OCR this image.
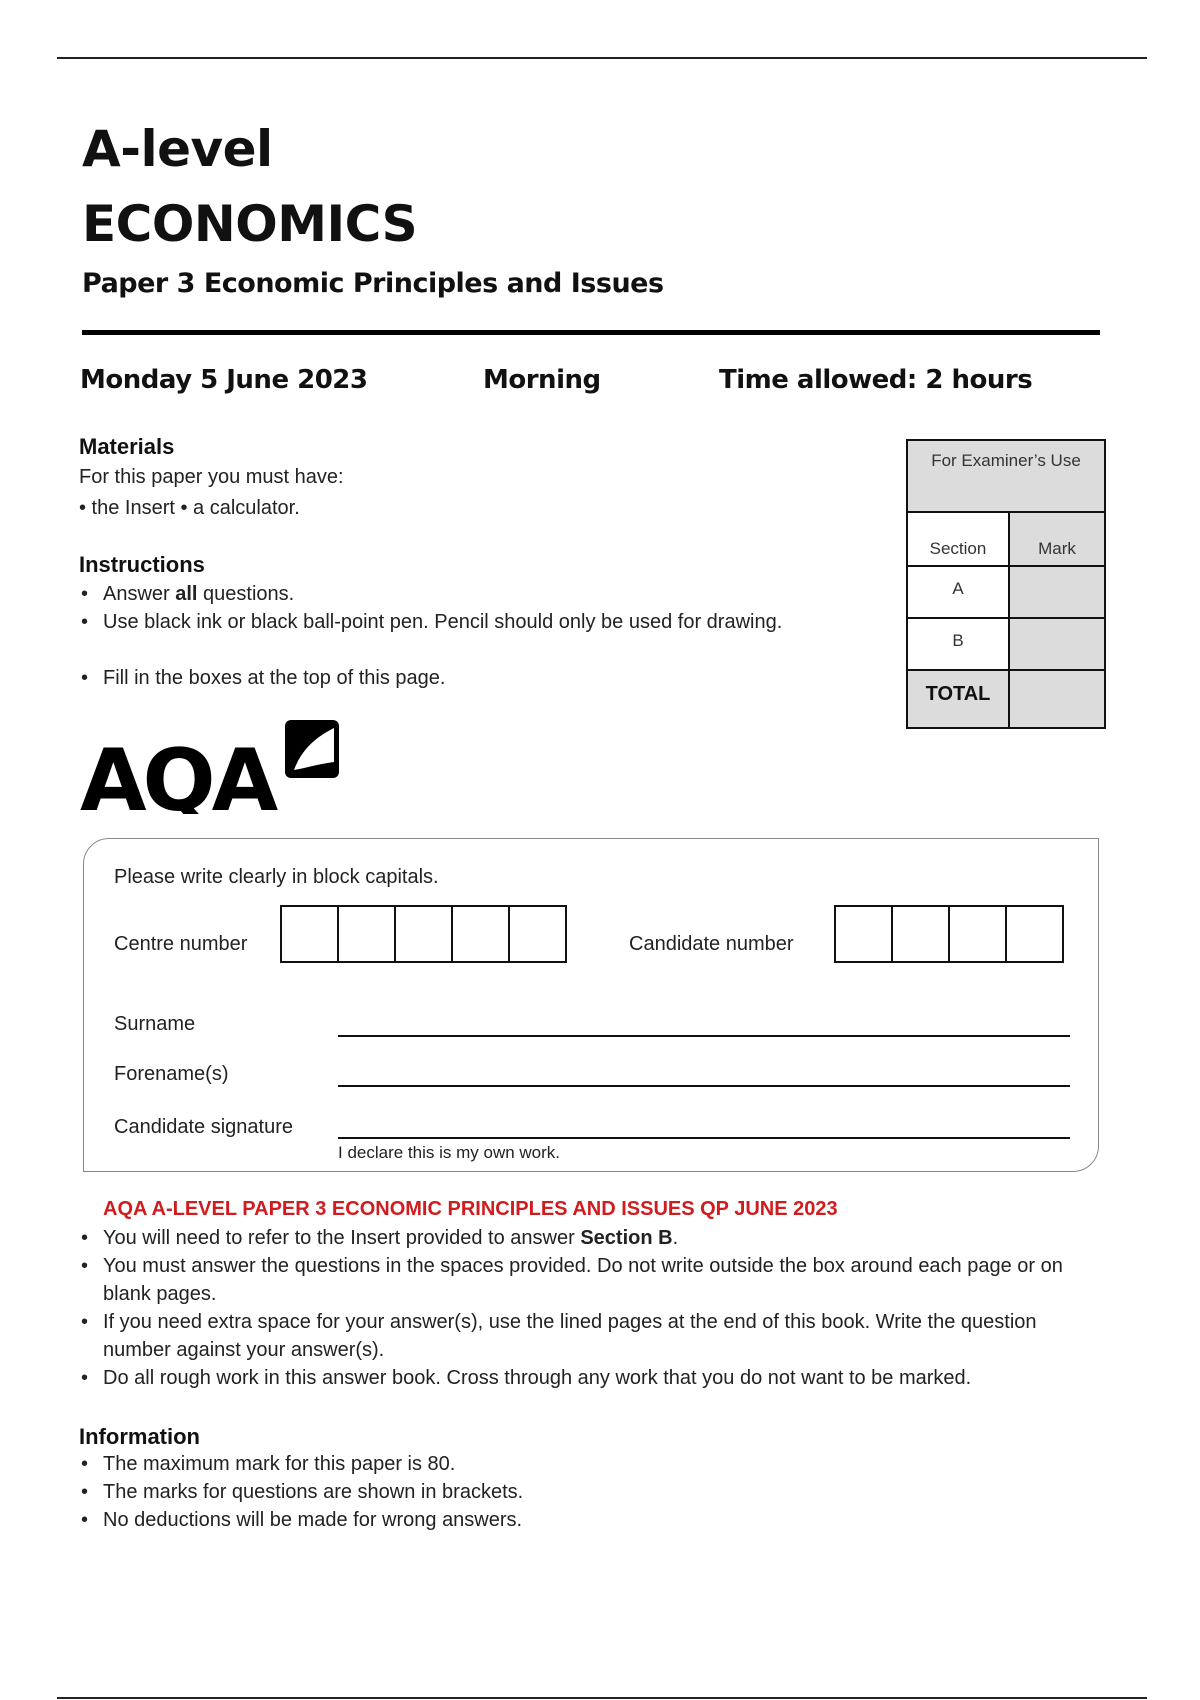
A-level
ECONOMICS
Paper 3 Economic Principles and Issues
Monday 5 June 2023	Morning	Time allowed: 2 hours
Materials
For this paper you must have:
• the Insert • a calculator.
Instructions
• Answer all questions.
• Use black ink or black ball-point pen. Pencil should only be used for drawing.
• Fill in the boxes at the top of this page.
For Examiner’s Use	
Section	Mark
A	
B	
TOTAL	
AQA
Please write clearly in block capitals.
Centre number	Candidate number
Surname
Forename(s)
Candidate signature
I declare this is my own work.
AQA A-LEVEL PAPER 3 ECONOMIC PRINCIPLES AND ISSUES QP JUNE 2023
• You will need to refer to the Insert provided to answer Section B.
• You must answer the questions in the spaces provided. Do not write outside the box around each page or on blank pages.
• If you need extra space for your answer(s), use the lined pages at the end of this book. Write the question number against your answer(s).
• Do all rough work in this answer book. Cross through any work that you do not want to be marked.
Information
• The maximum mark for this paper is 80.
• The marks for questions are shown in brackets.
• No deductions will be made for wrong answers.
